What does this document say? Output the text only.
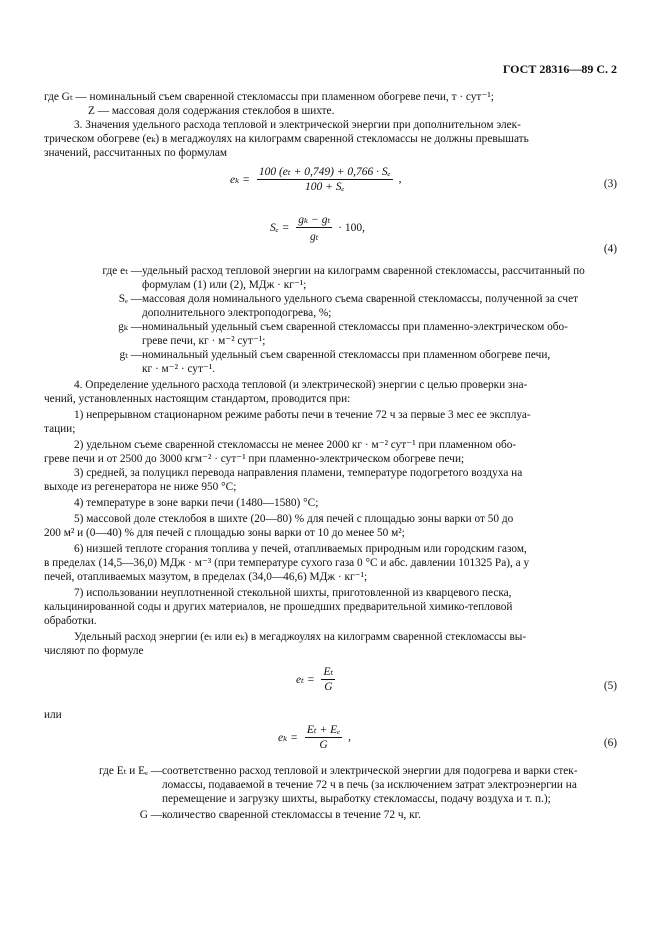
ГОСТ 28316—89 С. 2
где Gₜ — номинальный съем сваренной стекломассы при пламенном обогреве печи, т · сут⁻¹;
Z — массовая доля содержания стеклобоя в шихте.
3. Значения удельного расхода тепловой и электрической энергии при дополнительном элек-
трическом обогреве (eₖ) в мегаджоулях на килограмм сваренной стекломассы не должны превышать
значений, рассчитанных по формулам
$e_k = \frac{\text{100 (eₜ + 0,749) + 0,766 · Sₑ}}{\text{100 + Sₑ}}$ ,	(3)
$S_e = \frac{\text{gₖ − gₜ}}{\text{gₜ}} \cdot 100$,
(4)
где eₜ — удельный расход тепловой энергии на килограмм сваренной стекломассы, рассчитанный по
формулам (1) или (2), МДж · кг⁻¹;
Sₑ — массовая доля номинального удельного съема сваренной стекломассы, полученной за счет
дополнительного электроподогрева, %;
gₖ — номинальный удельный съем сваренной стекломассы при пламенно-электрическом обо-
греве печи, кг · м⁻² сут⁻¹;
gₜ — номинальный удельный съем сваренной стекломассы при пламенном обогреве печи,
кг · м⁻² · сут⁻¹.
4. Определение удельного расхода тепловой (и электрической) энергии с целью проверки зна-
чений, установленных настоящим стандартом, проводится при:
1) непрерывном стационарном режиме работы печи в течение 72 ч за первые 3 мес ее эксплуа-
тации;
2) удельном съеме сваренной стекломассы не менее 2000 кг · м⁻² сут⁻¹ при пламенном обо-
греве печи и от 2500 до 3000 кгм⁻² · сут⁻¹ при пламенно-электрическом обогреве печи;
3) средней, за полуцикл перевода направления пламени, температуре подогретого воздуха на
выходе из регенератора не ниже 950 °С;
4) температуре в зоне варки печи (1480—1580) °С;
5) массовой доле стеклобоя в шихте (20—80) % для печей с площадью зоны варки от 50 до
200 м² и (0—40) % для печей с площадью зоны варки от 10 до менее 50 м²;
6) низшей теплоте сгорания топлива у печей, отапливаемых природным или городским газом,
в пределах (14,5—36,0) МДж · м⁻³ (при температуре сухого газа 0 °С и абс. давлении 101325 Ра), а у
печей, отапливаемых мазутом, в пределах (34,0—46,6) МДж · кг⁻¹;
7) использовании неуплотненной стекольной шихты, приготовленной из кварцевого песка,
кальцинированной соды и других материалов, не прошедших предварительной химико-тепловой
обработки.
Удельный расход энергии (eₜ или eₖ) в мегаджоулях на килограмм сваренной стекломассы вы-
числяют по формуле
$e_t = \frac{\text{Eₜ}}{G}$	(5)
или
$e_k = \frac{\text{Eₜ + Eₑ}}{G}$ ,
(6)
где Eₜ и Eₑ — соответственно расход тепловой и электрической энергии для подогрева и варки стек-
ломассы, подаваемой в течение 72 ч в печь (за исключением затрат электроэнергии на
перемещение и загрузку шихты, выработку стекломассы, подачу воздуха и т. п.);
G — количество сваренной стекломассы в течение 72 ч, кг.
